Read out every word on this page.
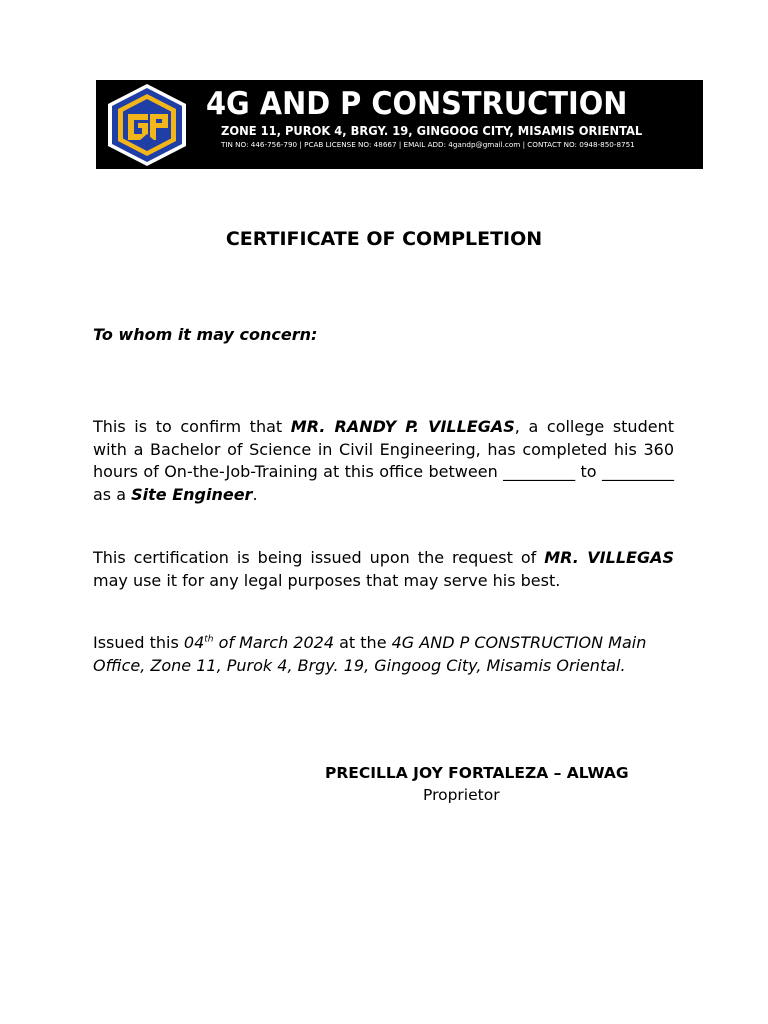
4G AND P CONSTRUCTION
ZONE 11, PUROK 4, BRGY. 19, GINGOOG CITY, MISAMIS ORIENTAL
TIN NO: 446-756-790 | PCAB LICENSE NO: 48667 | EMAIL ADD: 4gandp@gmail.com | CONTACT NO: 0948-850-8751
CERTIFICATE OF COMPLETION
To whom it may concern:
This is to confirm that MR. RANDY P. VILLEGAS, a college student with a Bachelor of Science in Civil Engineering, has completed his 360 hours of On-the-Job-Training at this office between _________ to _________ as a Site Engineer.
This certification is being issued upon the request of MR. VILLEGAS may use it for any legal purposes that may serve his best.
Issued this 04th of March 2024 at the 4G AND P CONSTRUCTION Main Office, Zone 11, Purok 4, Brgy. 19, Gingoog City, Misamis Oriental.
PRECILLA JOY FORTALEZA – ALWAG
Proprietor
